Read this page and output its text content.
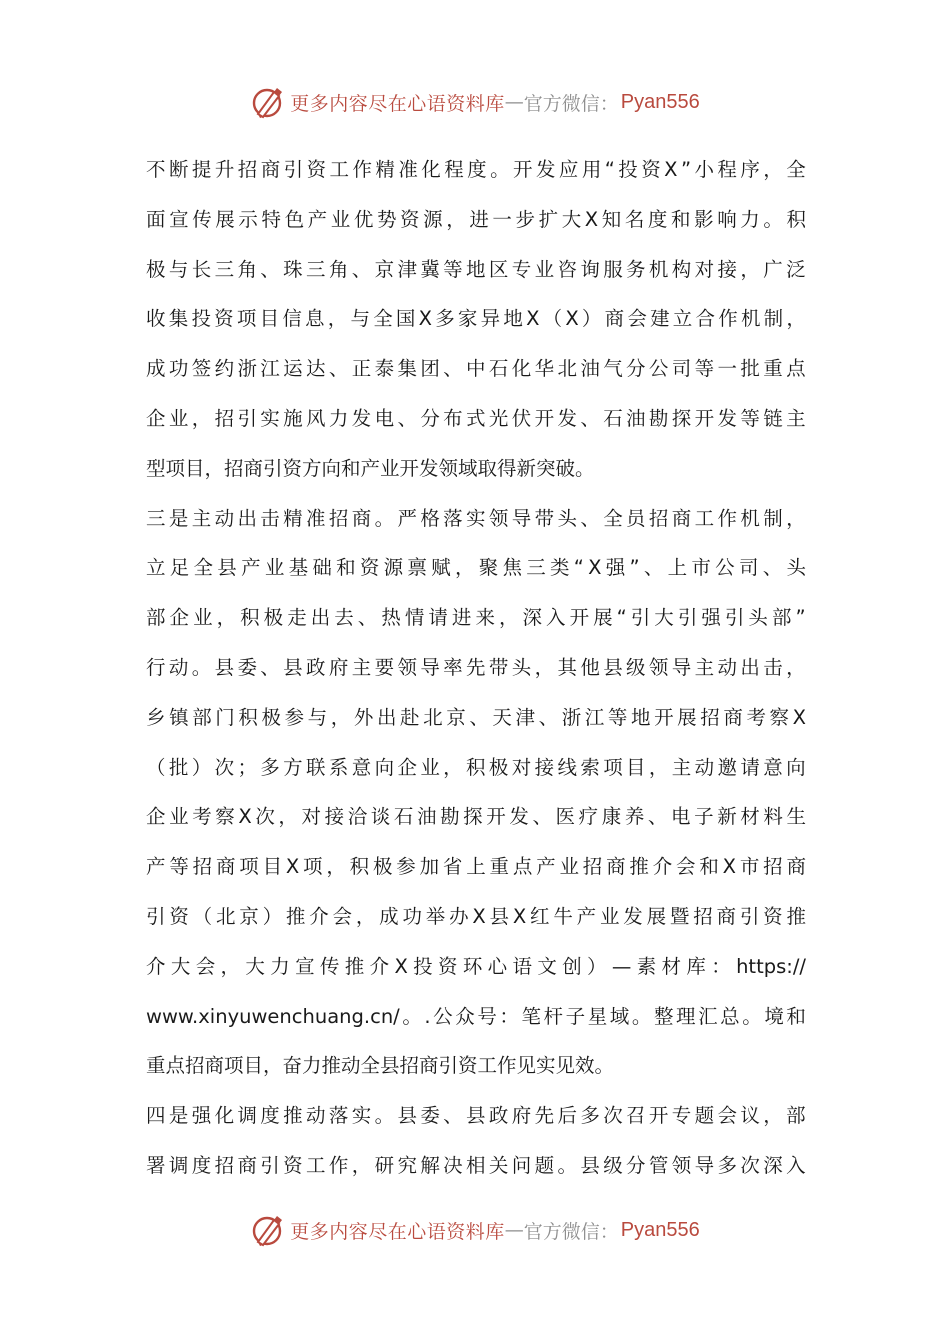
更多内容尽在心语资料库 — 官方微信： Pyan556
不 断 提 升 招 商 引 资 工 作 精 准 化 程 度 。 开 发 应 用 “ 投 资 X ” 小 程 序 ， 全
面 宣 传 展 示 特 色 产 业 优 势 资 源 ， 进 一 步 扩 大 X 知 名 度 和 影 响 力 。 积
极 与 长 三 角 、 珠 三 角 、 京 津 冀 等 地 区 专 业 咨 询 服 务 机 构 对 接 ， 广 泛
收 集 投 资 项 目 信 息 ， 与 全 国 X 多 家 异 地 X （ X ） 商 会 建 立 合 作 机 制 ，
成 功 签 约 浙 江 运 达 、 正 泰 集 团 、 中 石 化 华 北 油 气 分 公 司 等 一 批 重 点
企 业 ， 招 引 实 施 风 力 发 电 、 分 布 式 光 伏 开 发 、 石 油 勘 探 开 发 等 链 主
型项目，招商引资方向和产业开发领域取得新突破。
三 是 主 动 出 击 精 准 招 商 。 严 格 落 实 领 导 带 头 、 全 员 招 商 工 作 机 制 ，
立 足 全 县 产 业 基 础 和 资 源 禀 赋 ， 聚 焦 三 类 “ X 强 ” 、 上 市 公 司 、 头
部 企 业 ， 积 极 走 出 去 、 热 情 请 进 来 ， 深 入 开 展 “ 引 大 引 强 引 头 部 ”
行 动 。 县 委 、 县 政 府 主 要 领 导 率 先 带 头 ， 其 他 县 级 领 导 主 动 出 击 ，
乡 镇 部 门 积 极 参 与 ， 外 出 赴 北 京 、 天 津 、 浙 江 等 地 开 展 招 商 考 察 X
（ 批 ） 次 ； 多 方 联 系 意 向 企 业 ， 积 极 对 接 线 索 项 目 ， 主 动 邀 请 意 向
企 业 考 察 X 次 ， 对 接 洽 谈 石 油 勘 探 开 发 、 医 疗 康 养 、 电 子 新 材 料 生
产 等 招 商 项 目 X 项 ， 积 极 参 加 省 上 重 点 产 业 招 商 推 介 会 和 X 市 招 商
引 资 （ 北 京 ） 推 介 会 ， 成 功 举 办 X 县 X 红 牛 产 业 发 展 暨 招 商 引 资 推
介 大 会 ， 大 力 宣 传 推 介 X 投 资 环 心 语 文 创 ） — 素 材 库 ： https://
www.xinyuwenchuang.cn/ 。 . 公 众 号 ： 笔 杆 子 星 域 。 整 理 汇 总 。 境 和
重点招商项目，奋力推动全县招商引资工作见实见效。
四 是 强 化 调 度 推 动 落 实 。 县 委 、 县 政 府 先 后 多 次 召 开 专 题 会 议 ， 部
署 调 度 招 商 引 资 工 作 ， 研 究 解 决 相 关 问 题 。 县 级 分 管 领 导 多 次 深 入
更多内容尽在心语资料库 — 官方微信： Pyan556
